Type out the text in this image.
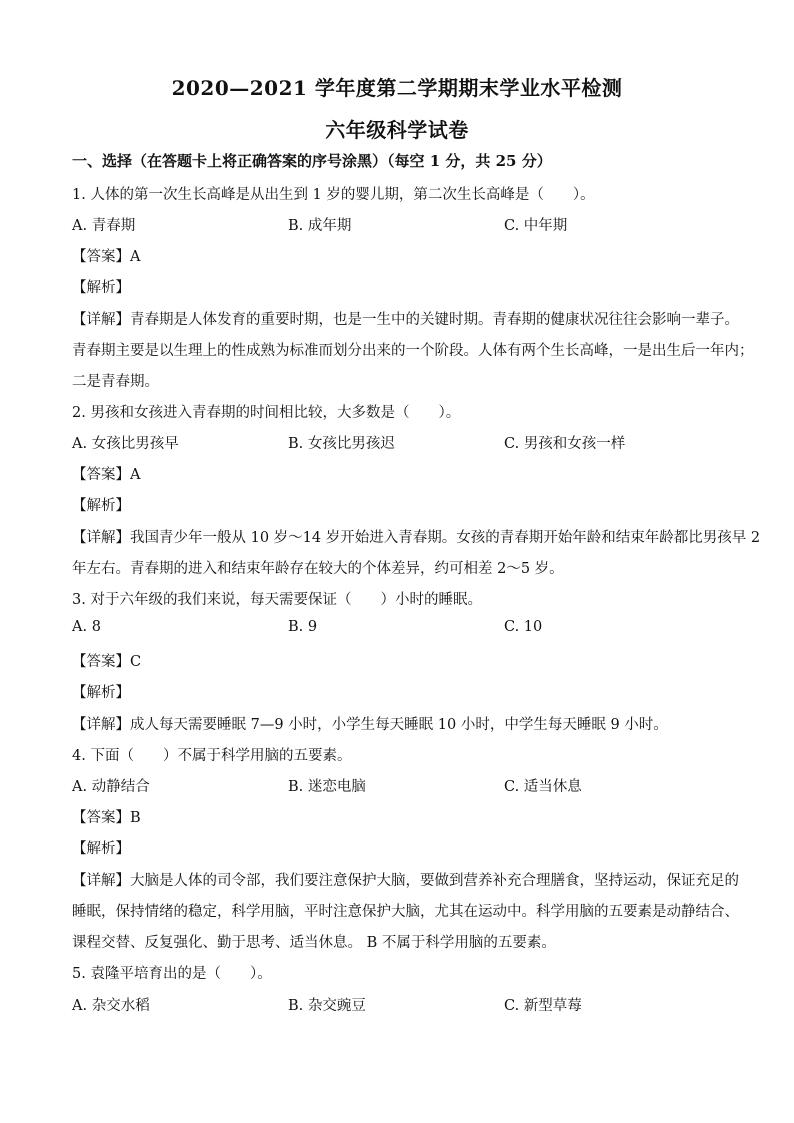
2020—2021 学年度第二学期期末学业水平检测
六年级科学试卷
一、选择（在答题卡上将正确答案的序号涂黑）（每空 1 分，共 25 分）
1. 人体的第一次生长高峰是从出生到 1 岁的婴儿期，第二次生长高峰是（　　）。
A. 青春期	B. 成年期	C. 中年期
【答案】A
【解析】
【详解】青春期是人体发育的重要时期，也是一生中的关键时期。青春期的健康状况往往会影响一辈子。
青春期主要是以生理上的性成熟为标准而划分出来的一个阶段。人体有两个生长高峰，一是出生后一年内；
二是青春期。
2. 男孩和女孩进入青春期的时间相比较，大多数是（　　）。
A. 女孩比男孩早	B. 女孩比男孩迟	C. 男孩和女孩一样
【答案】A
【解析】
【详解】我国青少年一般从 10 岁～14 岁开始进入青春期。女孩的青春期开始年龄和结束年龄都比男孩早 2
年左右。青春期的进入和结束年龄存在较大的个体差异，约可相差 2～5 岁。
3. 对于六年级的我们来说，每天需要保证（　　）小时的睡眠。
A. 8	B. 9	C. 10
【答案】C
【解析】
【详解】成人每天需要睡眠 7—9 小时，小学生每天睡眠 10 小时，中学生每天睡眠 9 小时。
4. 下面（　　）不属于科学用脑的五要素。
A. 动静结合	B. 迷恋电脑	C. 适当休息
【答案】B
【解析】
【详解】大脑是人体的司令部，我们要注意保护大脑，要做到营养补充合理膳食，坚持运动，保证充足的
睡眠，保持情绪的稳定，科学用脑，平时注意保护大脑，尤其在运动中。科学用脑的五要素是动静结合、
课程交替、反复强化、勤于思考、适当休息。 B 不属于科学用脑的五要素。
5. 袁隆平培育出的是（　　）。
A. 杂交水稻	B. 杂交豌豆	C. 新型草莓
